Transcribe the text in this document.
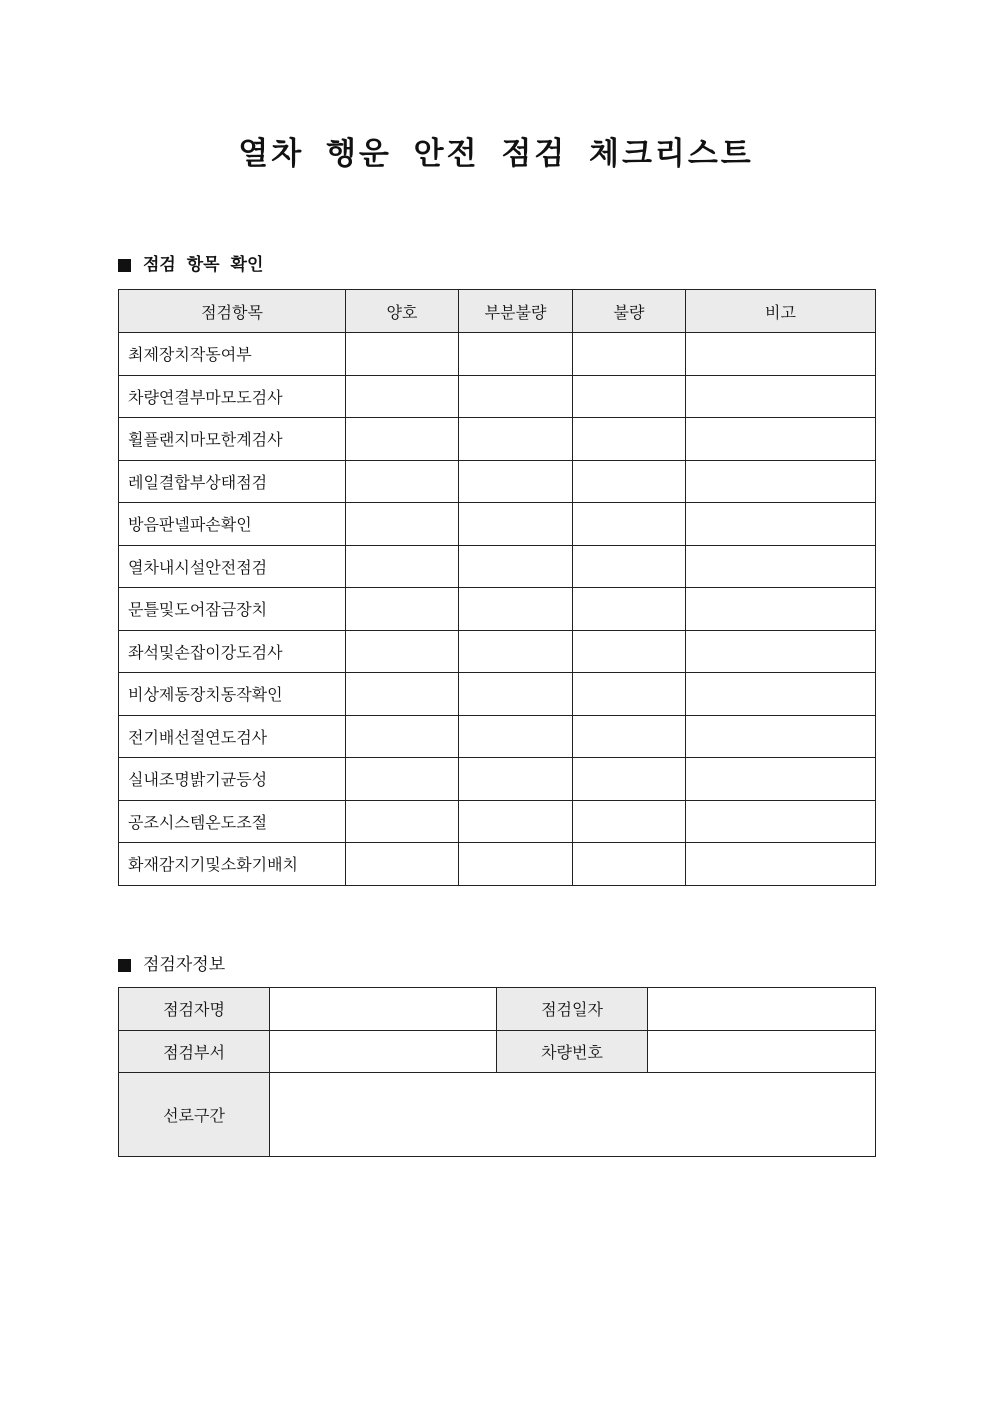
열차 행운 안전 점검 체크리스트
점검 항목 확인
점검항목	양호	부분불량	불량	비고
최제장치작동여부				
차량연결부마모도검사				
휠플랜지마모한계검사				
레일결합부상태점검				
방음판넬파손확인				
열차내시설안전점검				
문틀및도어잠금장치				
좌석및손잡이강도검사				
비상제동장치동작확인				
전기배선절연도검사				
실내조명밝기균등성				
공조시스템온도조절				
화재감지기및소화기배치				
점검자정보
점검자명		점검일자	
점검부서		차량번호	
선로구간			
